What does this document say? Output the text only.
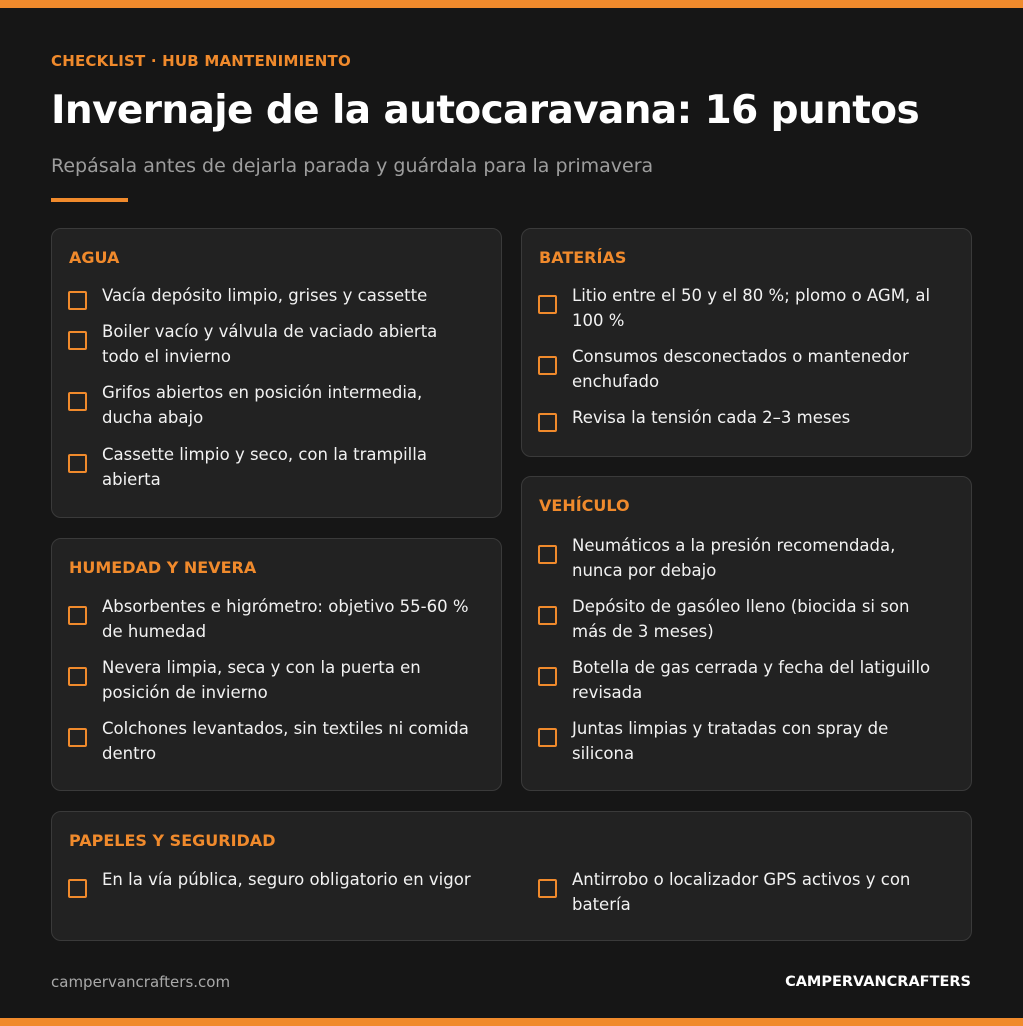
CHECKLIST · HUB MANTENIMIENTO
Invernaje de la autocaravana: 16 puntos
Repásala antes de dejarla parada y guárdala para la primavera
AGUA
Vacía depósito limpio, grises y cassette
Boiler vacío y válvula de vaciado abierta todo el invierno
Grifos abiertos en posición intermedia, ducha abajo
Cassette limpio y seco, con la trampilla abierta
BATERÍAS
Litio entre el 50 y el 80 %; plomo o AGM, al 100 %
Consumos desconectados o mantenedor enchufado
Revisa la tensión cada 2–3 meses
HUMEDAD Y NEVERA
Absorbentes e higrómetro: objetivo 55-60 % de humedad
Nevera limpia, seca y con la puerta en posición de invierno
Colchones levantados, sin textiles ni comida dentro
VEHÍCULO
Neumáticos a la presión recomendada, nunca por debajo
Depósito de gasóleo lleno (biocida si son más de 3 meses)
Botella de gas cerrada y fecha del latiguillo revisada
Juntas limpias y tratadas con spray de silicona
PAPELES Y SEGURIDAD
En la vía pública, seguro obligatorio en vigor	Antirrobo o localizador GPS activos y con batería
campervancrafters.com	CAMPERVANCRAFTERS
